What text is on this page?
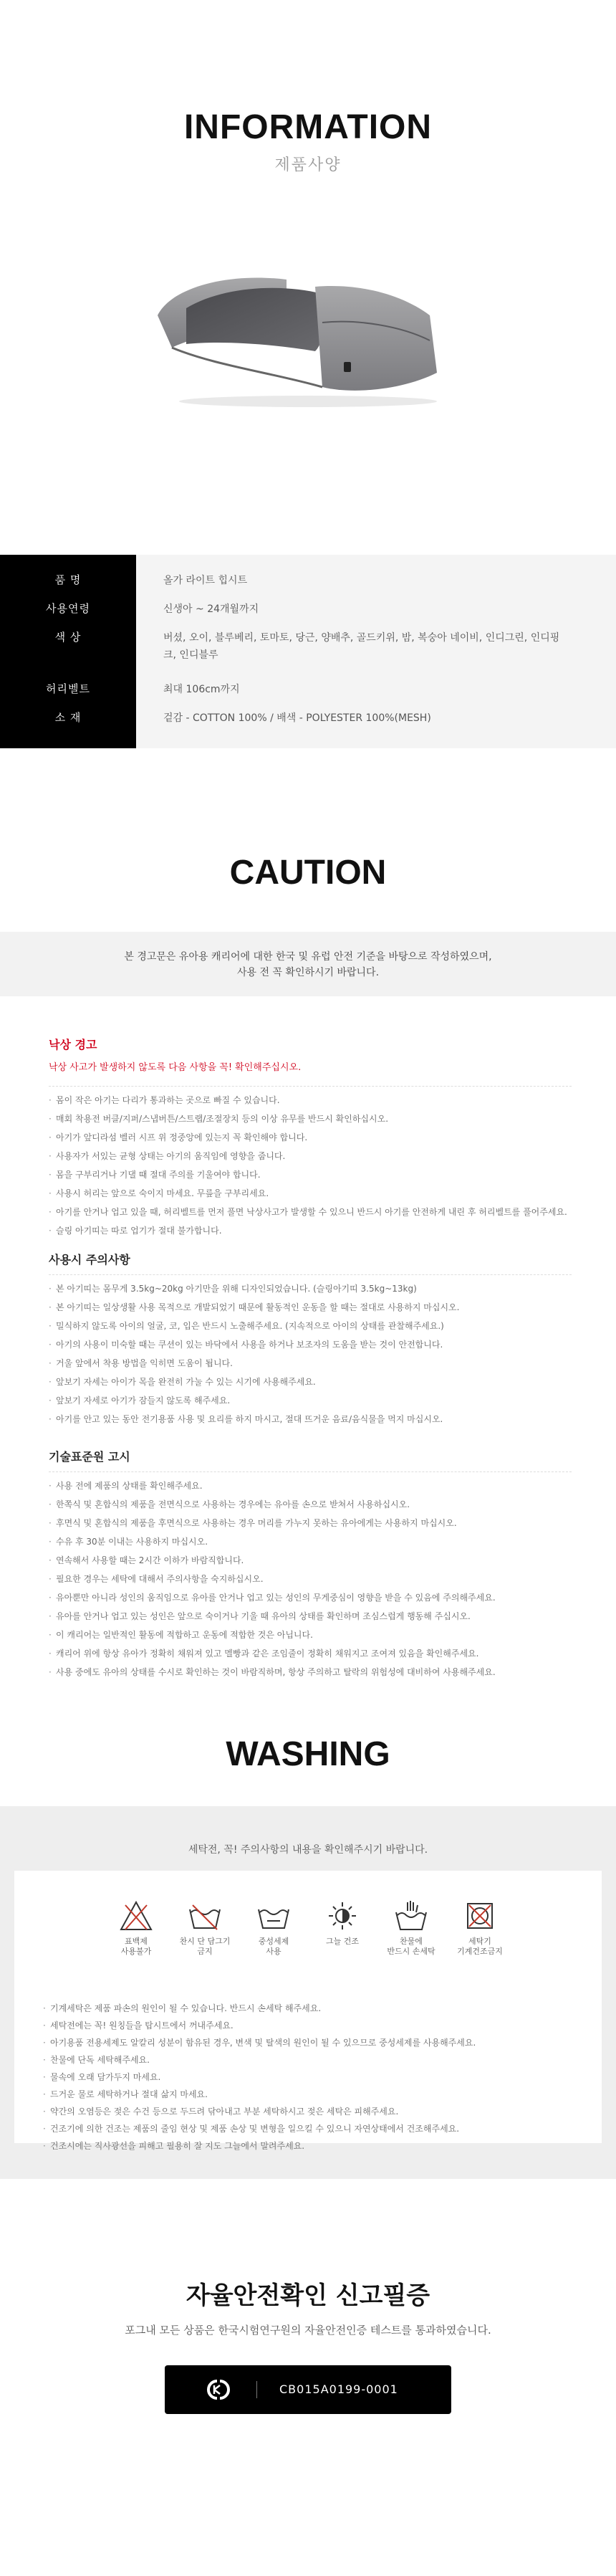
INFORMATION
제품사양
품 명	올가 라이트 힙시트
사용연령	신생아 ~ 24개월까지
색 상	버셨, 오이, 블루베리, 토마토, 당근, 양배추, 골드키위, 밤, 복숭아 네이비, 인디그린, 인디핑크, 인디블루
허리벨트	최대 106cm까지
소 재	겉감 - COTTON 100% / 배색 - POLYESTER 100%(MESH)
CAUTION
본 경고문은 유아용 캐리어에 대한 한국 및 유럽 안전 기준을 바탕으로 작성하였으며,
사용 전 꼭 확인하시기 바랍니다.
낙상 경고
낙상 사고가 발생하지 않도록 다음 사항을 꼭! 확인해주십시오.
· 몸이 작은 아기는 다리가 통과하는 곳으로 빠질 수 있습니다.
· 매회 착용전 버클/지퍼/스냅버튼/스트랩/조절장치 등의 이상 유무를 반드시 확인하십시오.
· 아기가 앞디라섬 벨러 시프 위 정중앙에 있는지 꼭 확인해야 합니다.
· 사용자가 서있는 균형 상태는 아기의 움직임에 영향을 줍니다.
· 몸을 구부리거나 기댈 때 절대 주의를 기울여야 합니다.
· 사용시 허리는 앞으로 숙이지 마세요. 무릎을 구부리세요.
· 아기를 안거나 업고 있을 때, 허리벨트를 먼저 풀면 낙상사고가 발생할 수 있으니 반드시 아기를 안전하게 내린 후 허리벨트를 풀어주세요.
· 슬링 아기띠는 따로 업기가 절대 불가합니다.
사용시 주의사항
· 본 아기띠는 몸무게 3.5kg~20kg 아기만을 위해 디자인되었습니다. (슬링아기띠 3.5kg~13kg)
· 본 아기띠는 일상생활 사용 목적으로 개발되었기 때문에 활동적인 운동을 할 때는 절대로 사용하지 마십시오.
· 밀식하지 않도록 아이의 얼굴, 코, 입은 반드시 노출해주세요. (지속적으로 아이의 상태를 관찰해주세요.)
· 아기의 사용이 미숙할 때는 쿠션이 있는 바닥에서 사용을 하거나 보조자의 도움을 받는 것이 안전합니다.
· 거울 앞에서 착용 방법을 익히면 도움이 됩니다.
· 앞보기 자세는 아이가 목을 완전히 가눌 수 있는 시기에 사용해주세요.
· 앞보기 자세로 아기가 잠들지 않도록 해주세요.
· 아기를 안고 있는 동안 전기용품 사용 및 요리를 하지 마시고, 절대 뜨거운 음료/음식물을 먹지 마십시오.
기술표준원 고시
· 사용 전에 제품의 상태를 확인해주세요.
· 한쪽식 및 혼합식의 제품을 전면식으로 사용하는 경우에는 유아를 손으로 받쳐서 사용하십시오.
· 후면식 및 혼합식의 제품을 후면식으로 사용하는 경우 머리를 가누지 못하는 유아에게는 사용하지 마십시오.
· 수유 후 30분 이내는 사용하지 마십시오.
· 연속해서 사용할 때는 2시간 이하가 바람직합니다.
· 필요한 경우는 세탁에 대해서 주의사항을 숙지하십시오.
· 유아뿐만 아니라 성인의 움직임으로 유아를 안거나 업고 있는 성인의 무게중심이 영향을 받을 수 있음에 주의해주세요.
· 유아를 안거나 업고 있는 성인은 앞으로 숙이거나 기울 때 유아의 상태를 확인하며 조심스럽게 행동해 주십시오.
· 이 캐리어는 일반적인 활동에 적합하고 운동에 적합한 것은 아닙니다.
· 캐리어 위에 항상 유아가 정확히 채워져 있고 멜빵과 같은 조임줄이 정확히 채워지고 조여져 있음을 확인해주세요.
· 사용 중에도 유아의 상태를 수시로 확인하는 것이 바람직하며, 항상 주의하고 탈락의 위험성에 대비하여 사용해주세요.
WASHING
세탁전, 꼭! 주의사항의 내용을 확인해주시기 바랍니다.
표백제
사용불가
찬시 단 담그기
금지
중성세제
사용
그늘 건조	찬물에
반드시 손세탁
세탁기
기계건조금지
· 기계세탁은 제품 파손의 원인이 될 수 있습니다. 반드시 손세탁 해주세요.
· 세탁전에는 꼭! 원칭들을 탑시트에서 꺼내주세요.
· 아기용품 전용세제도 알칼리 성분이 함유된 경우, 변색 및 탈색의 원인이 될 수 있으므로 중성세제를 사용해주세요.
· 찬물에 단독 세탁해주세요.
· 물속에 오래 담가두지 마세요.
· 드거운 물로 세탁하거나 절대 삶지 마세요.
· 약간의 오염등은 젖은 수건 등으로 두드려 닦아내고 부분 세탁하시고 젖은 세탁은 피해주세요.
· 건조기에 의한 건조는 제품의 줄임 현상 및 제품 손상 및 변형을 일으킬 수 있으니 자연상태에서 건조해주세요.
· 건조시에는 직사광선을 피해고 필용히 잘 지도 그늘에서 말려주세요.
자율안전확인 신고필증
포그내 모든 상품은 한국시험연구원의 자율안전인증 테스트를 통과하였습니다.
CB015A0199-0001
